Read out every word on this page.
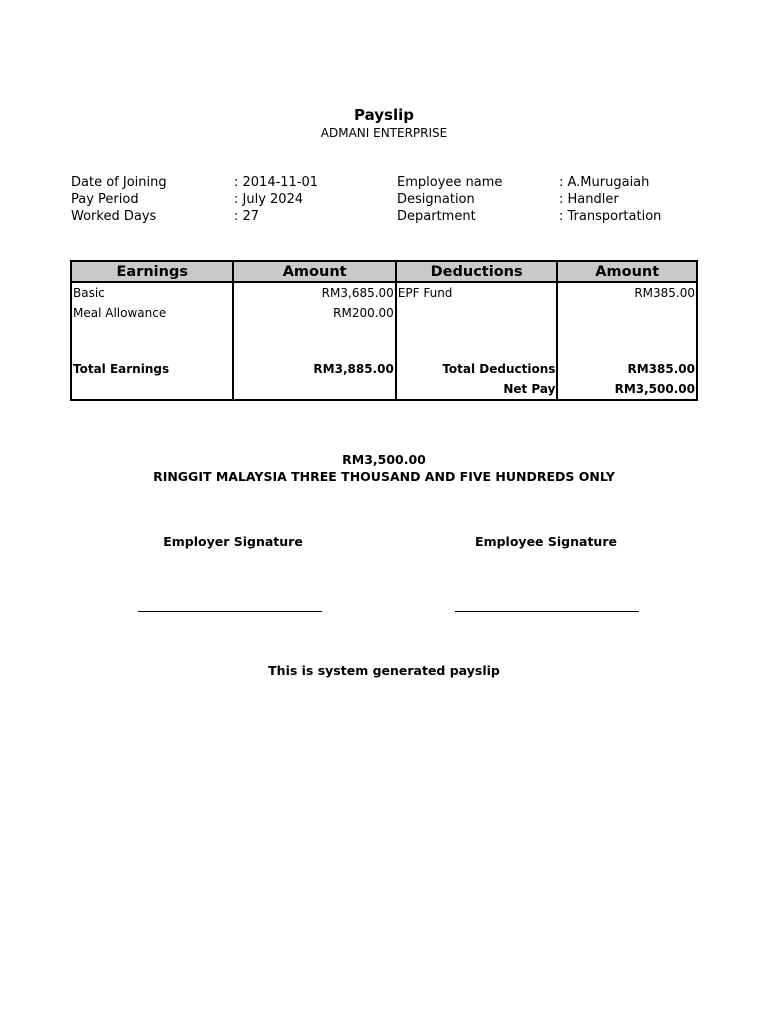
Payslip
ADMANI ENTERPRISE
Date of Joining	: 2014-11-01
Pay Period	: July 2024
Worked Days	: 27
Employee name	: A.Murugaiah
Designation	: Handler
Department	: Transportation
Earnings	Amount	Deductions	Amount
Basic	RM3,685.00	EPF Fund	RM385.00
Meal Allowance	RM200.00		

Total Earnings	RM3,885.00	Total Deductions	RM385.00
		Net Pay	RM3,500.00
RM3,500.00
RINGGIT MALAYSIA THREE THOUSAND AND FIVE HUNDREDS ONLY
Employer Signature	Employee Signature
This is system generated payslip
